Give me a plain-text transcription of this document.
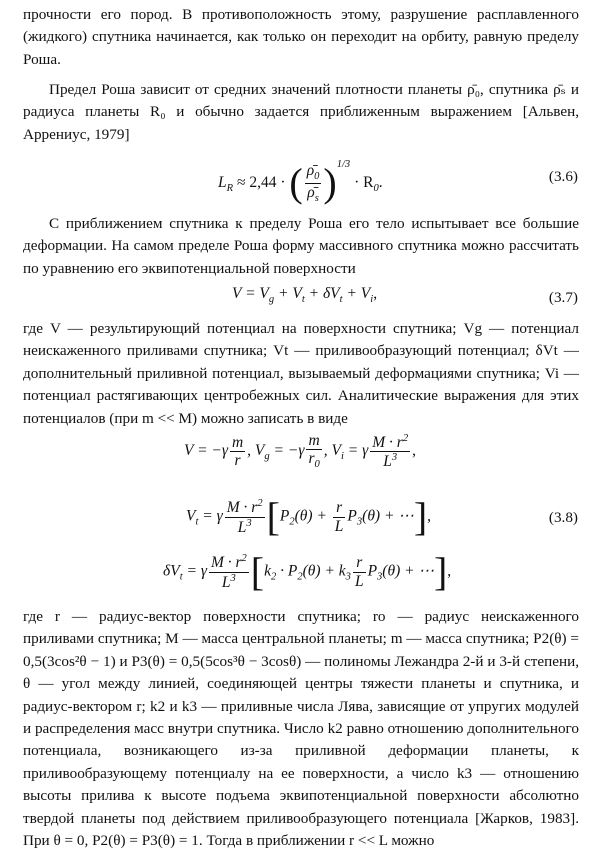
прочности его пород. В противоположность этому, разрушение расплавленного (жидкого) спутника начинается, как только он переходит на орбиту, равную пределу Роша.

Предел Роша зависит от средних значений плотности планеты ρ̄₀, спутника ρ̄ₛ и радиуса планеты R₀ и обычно задается приближенным выражением [Альвен, Аррениус, 1979]

$L_R \approx 2,44$ · ( $\frac{\rhō_0}{\rhō_s} )^{1/3} \cdot R_0$.	(3.6)

С приближением спутника к пределу Роша его тело испытывает все большие деформации. На самом пределе Роша форму массивного спутника можно рассчитать по уравнению его эквипотенциальной поверхности

$V = V_g + V_t + \delta V_t + V_i$,	(3.7)

где V — результирующий потенциал на поверхности спутника; Vg — потенциал неискаженного приливами спутника; Vt — приливообразующий потенциал; δVt — дополнительный приливной потенциал, вызываемый деформациями спутника; Vi — потенциал растягивающих центробежных сил. Аналитические выражения для этих потенциалов (при m << M) можно записать в виде

$V = -\gamma \frac{m}{r}$ , $V_g = -\gamma \frac{m}{r_0}$ , $V_i = \gamma \frac{M \cdot r^2}{L^3}$ ,
$V_t = \gamma \frac{M \cdot r^2}{L^3} [P_2(\theta) + \frac{r}{L} P_3(\theta)$ + ⋯],	(3.8)
$\delta V_t = \gamma \frac{M \cdot r^2}{L^3} [k_2 \cdot P_2(\theta) + k_3 \frac{r}{L} P_3(\theta)$ + ⋯],

где r — радиус-вектор поверхности спутника; ro — радиус неискаженного приливами спутника; M — масса центральной планеты; m — масса спутника; P2(θ) = 0,5(3cos²θ − 1) и P3(θ) = 0,5(5cos³θ − 3cosθ) — полиномы Лежандра 2-й и 3-й степени, θ — угол между линией, соединяющей центры тяжести планеты и спутника, и радиус-вектором r; k2 и k3 — приливные числа Лява, зависящие от упругих модулей и распределения масс внутри спутника. Число k2 равно отношению дополнительного потенциала, возникающего из-за приливной деформации планеты, к приливообразующему потенциалу на ее поверхности, а число k3 — отношению высоты прилива к высоте подъема эквипотенциальной поверхности абсолютно твердой планеты под действием приливообразующего потенциала [Жарков, 1983]. При θ = 0, P2(θ) = P3(θ) = 1. Тогда в приближении r << L можно
